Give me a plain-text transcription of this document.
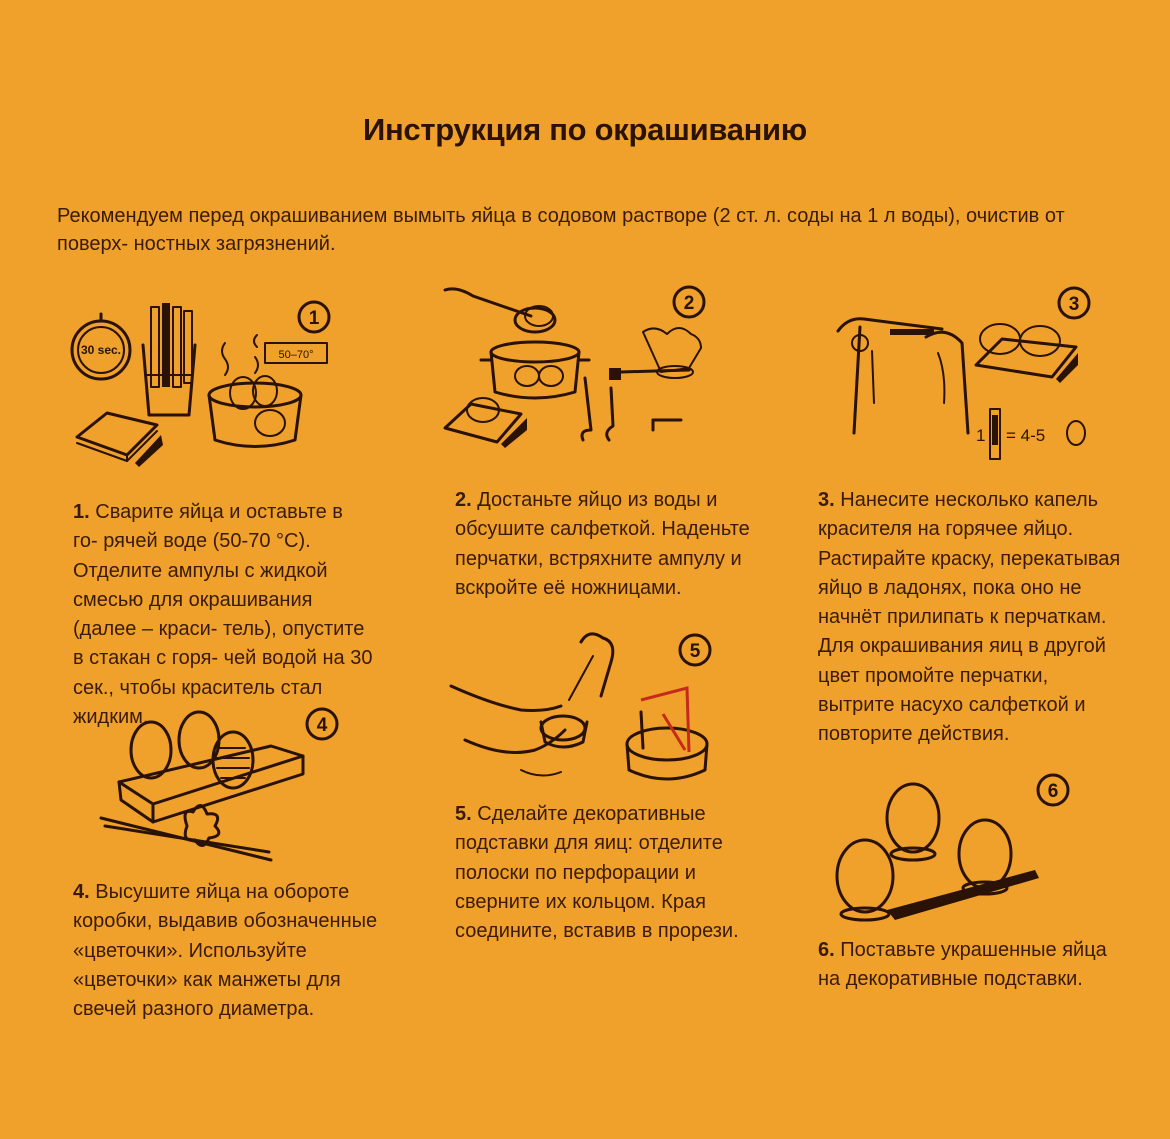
Инструкция по окрашиванию
Рекомендуем перед окрашиванием вымыть яйца в содовом растворе (2 ст. л. соды на 1 л воды), очистив от поверх- ностных загрязнений.
30 sec.	50–70°
1
2
1 = 4-5
3
4
5
6
1. Сварите яйца и оставьте в го- рячей воде (50-70 °С). Отделите ампулы с жидкой смесью для окрашивания (далее – краси- тель), опустите в стакан с горя- чей водой на 30 сек., чтобы краситель стал жидким.
2. Достаньте яйцо из воды и обсушите салфеткой. Наденьте перчатки, встряхните ампулу и вскройте её ножницами.
3. Нанесите несколько капель красителя на горячее яйцо. Растирайте краску, перекатывая яйцо в ладонях, пока оно не начнёт прилипать к перчаткам. Для окрашивания яиц в другой цвет промойте перчатки, вытрите насухо салфеткой и повторите действия.
4. Высушите яйца на обороте коробки, выдавив обозначенные «цветочки». Используйте «цветочки» как манжеты для свечей разного диаметра.
5. Сделайте декоративные подставки для яиц: отделите полоски по перфорации и сверните их кольцом. Края соедините, вставив в прорези.
6. Поставьте украшенные яйца на декоративные подставки.
